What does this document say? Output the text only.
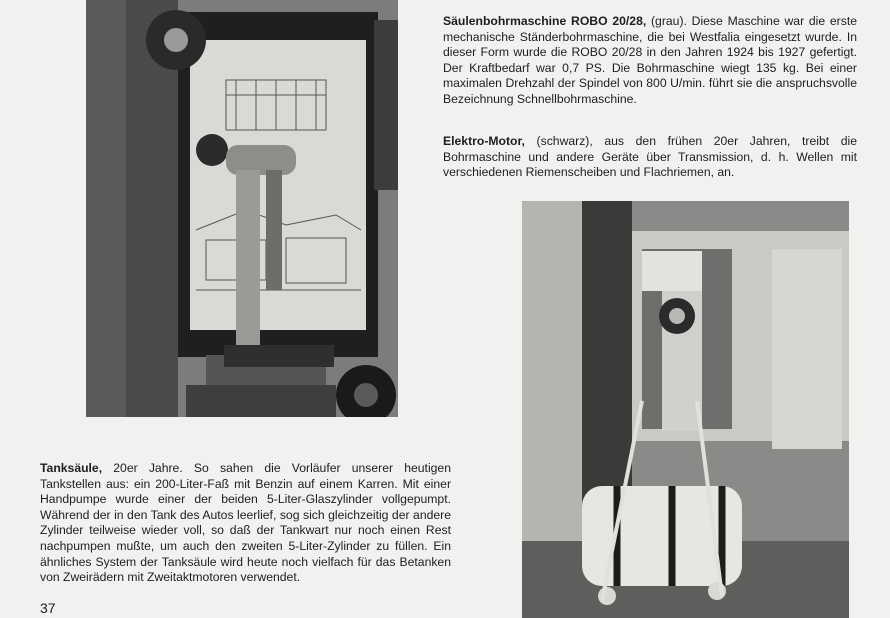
Säulenbohrmaschine ROBO 20/28, (grau). Diese Maschine war die erste mechanische Ständerbohrmaschine, die bei Westfalia eingesetzt wurde. In dieser Form wurde die ROBO 20/28 in den Jahren 1924 bis 1927 gefertigt. Der Kraftbedarf war 0,7 PS. Die Bohrmaschine wiegt 135 kg. Bei einer maximalen Drehzahl der Spindel von 800 U/min. führt sie die anspruchsvolle Bezeichnung Schnellbohrmaschine.
Elektro-Motor, (schwarz), aus den frühen 20er Jahren, treibt die Bohrmaschine und andere Geräte über Transmission, d. h. Wellen mit verschiedenen Riemenscheiben und Flachriemen, an.
Tanksäule, 20er Jahre. So sahen die Vorläufer unserer heutigen Tankstellen aus: ein 200-Liter-Faß mit Benzin auf einem Karren. Mit einer Handpumpe wurde einer der beiden 5-Liter-Glaszylinder vollgepumpt. Während der in den Tank des Autos leerlief, sog sich gleichzeitig der andere Zylinder teilweise wieder voll, so daß der Tankwart nur noch einen Rest nachpumpen mußte, um auch den zweiten 5-Liter-Zylinder zu füllen. Ein ähnliches System der Tanksäule wird heute noch vielfach für das Betanken von Zweirädern mit Zweitaktmotoren verwendet.
37
